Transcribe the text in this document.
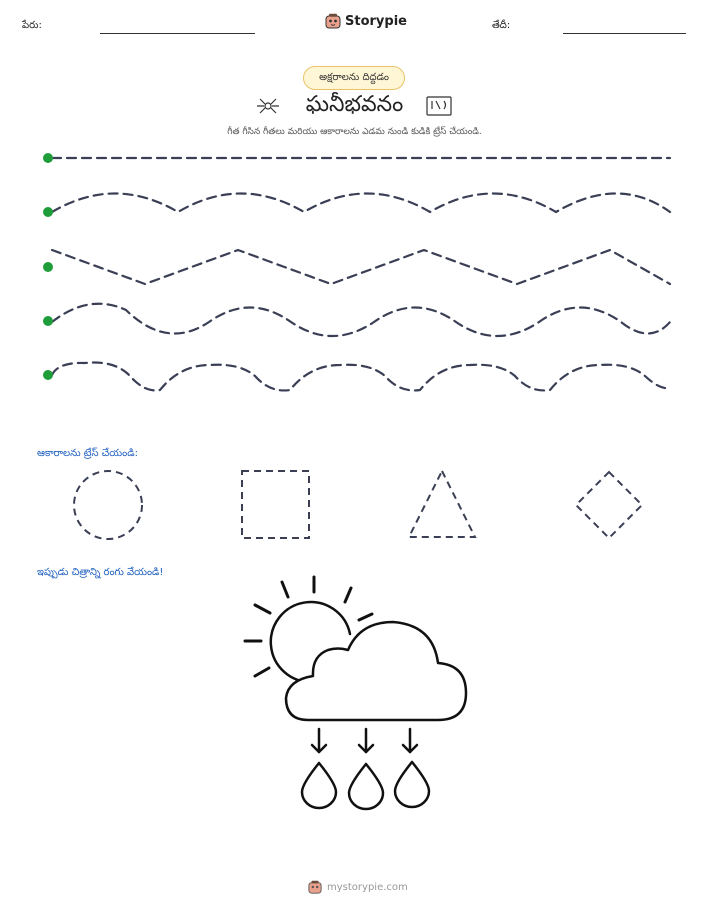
పేరు:	Storypie	తేదీ:
అక్షరాలను దిద్దడం
ఘనీభవనం
గీత గీసిన గీతలు మరియు ఆకారాలను ఎడమ నుండి కుడికి ట్రేస్ చేయండి.
ఆకారాలను ట్రేస్ చేయండి:
ఇప్పుడు చిత్రాన్ని రంగు వేయండి!
mystorypie.com
